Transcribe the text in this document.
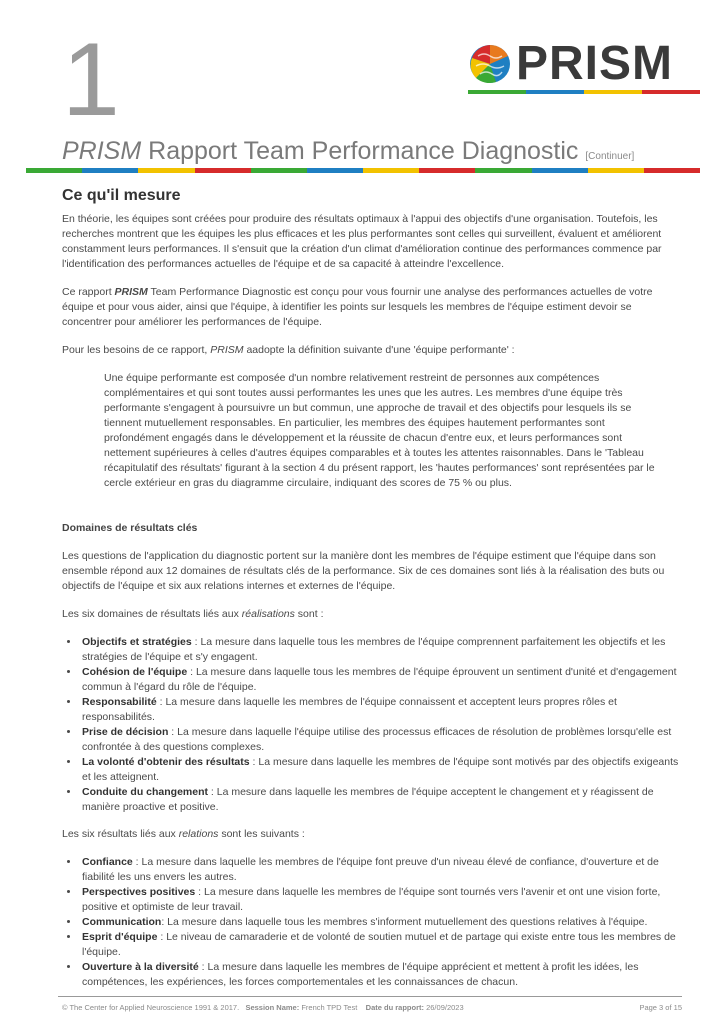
1	PRISM
PRISM Rapport Team Performance Diagnostic [Continuer]
Ce qu'il mesure

En théorie, les équipes sont créées pour produire des résultats optimaux à l'appui des objectifs d'une organisation. Toutefois, les recherches montrent que les équipes les plus efficaces et les plus performantes sont celles qui surveillent, évaluent et améliorent constamment leurs performances. Il s'ensuit que la création d'un climat d'amélioration continue des performances commence par l'identification des performances actuelles de l'équipe et de sa capacité à atteindre l'excellence.

Ce rapport PRISM Team Performance Diagnostic est conçu pour vous fournir une analyse des performances actuelles de votre équipe et pour vous aider, ainsi que l'équipe, à identifier les points sur lesquels les membres de l'équipe estiment devoir se concentrer pour améliorer les performances de l'équipe.

Pour les besoins de ce rapport, PRISM aadopte la définition suivante d'une 'équipe performante' :

Une équipe performante est composée d'un nombre relativement restreint de personnes aux compétences complémentaires et qui sont toutes aussi performantes les unes que les autres. Les membres d'une équipe très performante s'engagent à poursuivre un but commun, une approche de travail et des objectifs pour lesquels ils se tiennent mutuellement responsables. En particulier, les membres des équipes hautement performantes sont profondément engagés dans le développement et la réussite de chacun d'entre eux, et leurs performances sont nettement supérieures à celles d'autres équipes comparables et à toutes les attentes raisonnables. Dans le 'Tableau récapitulatif des résultats' figurant à la section 4 du présent rapport, les 'hautes performances' sont représentées par le cercle extérieur en gras du diagramme circulaire, indiquant des scores de 75 % ou plus.

Domaines de résultats clés

Les questions de l'application du diagnostic portent sur la manière dont les membres de l'équipe estiment que l'équipe dans son ensemble répond aux 12 domaines de résultats clés de la performance. Six de ces domaines sont liés à la réalisation des buts ou objectifs de l'équipe et six aux relations internes et externes de l'équipe.

Les six domaines de résultats liés aux réalisations sont :

• Objectifs et stratégies : La mesure dans laquelle tous les membres de l'équipe comprennent parfaitement les objectifs et les stratégies de l'équipe et s'y engagent.
• Cohésion de l'équipe : La mesure dans laquelle tous les membres de l'équipe éprouvent un sentiment d'unité et d'engagement commun à l'égard du rôle de l'équipe.
• Responsabilité : La mesure dans laquelle les membres de l'équipe connaissent et acceptent leurs propres rôles et responsabilités.
• Prise de décision : La mesure dans laquelle l'équipe utilise des processus efficaces de résolution de problèmes lorsqu'elle est confrontée à des questions complexes.
• La volonté d'obtenir des résultats : La mesure dans laquelle les membres de l'équipe sont motivés par des objectifs exigeants et les atteignent.
• Conduite du changement : La mesure dans laquelle les membres de l'équipe acceptent le changement et y réagissent de manière proactive et positive.

Les six résultats liés aux relations sont les suivants :

• Confiance : La mesure dans laquelle les membres de l'équipe font preuve d'un niveau élevé de confiance, d'ouverture et de fiabilité les uns envers les autres.
• Perspectives positives : La mesure dans laquelle les membres de l'équipe sont tournés vers l'avenir et ont une vision forte, positive et optimiste de leur travail.
• Communication: La mesure dans laquelle tous les membres s'informent mutuellement des questions relatives à l'équipe.
• Esprit d'équipe : Le niveau de camaraderie et de volonté de soutien mutuel et de partage qui existe entre tous les membres de l'équipe.
• Ouverture à la diversité : La mesure dans laquelle les membres de l'équipe apprécient et mettent à profit les idées, les compétences, les expériences, les forces comportementales et les connaissances de chacun.
© The Center for Applied Neuroscience 1991 & 2017. Session Name: French TPD Test Date du rapport: 26/09/2023	Page 3 of 15
